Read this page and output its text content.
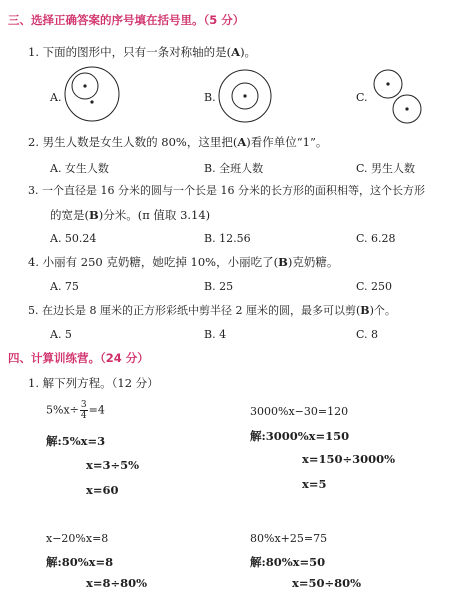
三、选择正确答案的序号填在括号里。（5 分）
1. 下面的图形中，只有一条对称轴的是(A)。
A.	B.	C.
2. 男生人数是女生人数的 80%，这里把(A)看作单位“1”。
A. 女生人数	B. 全班人数	C. 男生人数
3. 一个直径是 16 分米的圆与一个长是 16 分米的长方形的面积相等，这个长方形
的宽是(B)分米。(π 值取 3.14)
A. 50.24	B. 12.56	C. 6.28
4. 小丽有 250 克奶糖，她吃掉 10%，小丽吃了(B)克奶糖。
A. 75	B. 25	C. 250
5. 在边长是 8 厘米的正方形彩纸中剪半径 2 厘米的圆，最多可以剪(B)个。
A. 5	B. 4	C. 8
四、计算训练营。（24 分）
1. 解下列方程。（12 分）
$5\%x\div \frac{3}{4} =4$
解:5%x=3
x=3÷5%
x=60
3000%x−30=120
解:3000%x=150
x=150÷3000%
x=5
x−20%x=8
解:80%x=8
x=8÷80%
80%x+25=75
解:80%x=50
x=50÷80%
